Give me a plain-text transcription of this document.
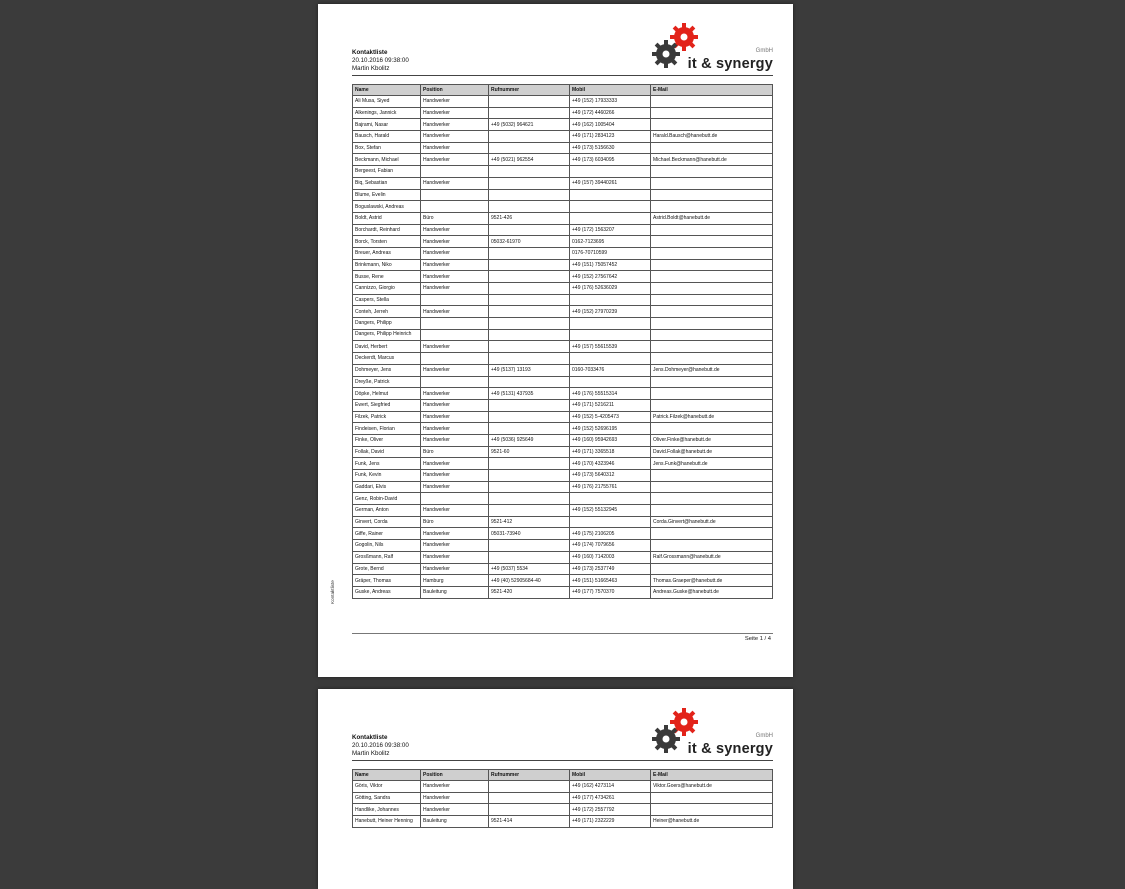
Kontaktliste
20.10.2016 09:38:00
Martin Kbolitz
GmbH
it & synergy
Name	Position	Rufnummer	Mobil	E-Mail
Ali Musa, Siyed	Handwerker		+49 (152) 17933333	
Alkenings, Jannick	Handwerker		+49 (172) 4460266	
Bajrami, Nasar	Handwerker	+49 (5032) 964621	+49 (162) 1005404	
Bausch, Harald	Handwerker		+49 (171) 2834123	Harald.Bausch@hanebutt.de
Box, Stefan	Handwerker		+49 (173) 5156630	
Beckmann, Michael	Handwerker	+49 (5021) 962554	+49 (173) 6034095	Michael.Beckmann@hanebutt.de
Bergeest, Fabian				
Biq, Sebastian	Handwerker		+49 (157) 39440261	
Blume, Evelin				
Boguslawski, Andreas				
Boldt, Astrid	Büro	9521-426		Astrid.Boldt@hanebutt.de
Borchardt, Reinhard	Handwerker		+49 (172) 1563207	
Borck, Torsten	Handwerker	05032-61970	0162-7123695	
Breuer, Andreas	Handwerker		0176-70710599	
Brinkmann, Niko	Handwerker		+49 (151) 75057452	
Busse, Rene	Handwerker		+49 (152) 27567642	
Cannizzo, Giorgio	Handwerker		+49 (176) 52636029	
Caspers, Stella				
Conteh, Jerreh	Handwerker		+49 (152) 27970239	
Dangers, Philipp				
Dangers, Philipp Heinrich				
David, Herbert	Handwerker		+49 (157) 55615539	
Deckerdt, Marcus				
Dohmeyer, Jens	Handwerker	+49 (5137) 13193	0160-7033476	Jens.Dohmeyer@hanebutt.de
Dreyße, Patrick				
Döpke, Helmut	Handwerker	+49 (5131) 437935	+49 (176) 55515314	
Ewert, Siegfried	Handwerker		+49 (171) 5216211	
Filzek, Patrick	Handwerker		+49 (152) 5-4205473	Patrick.Filzek@hanebutt.de
Findeisen, Florian	Handwerker		+49 (152) 52696195	
Finke, Oliver	Handwerker	+49 (5036) 925649	+49 (160) 95942693	Oliver.Finke@hanebutt.de
Follak, David	Büro	9521-60	+49 (171) 3365518	David.Follak@hanebutt.de
Funk, Jens	Handwerker		+49 (170) 4323946	Jens.Funk@hanebutt.de
Funk, Kevin	Handwerker		+49 (173) 5640312	
Gaddari, Elvis	Handwerker		+49 (176) 21755761	
Genz, Robin-David				
German, Anton	Handwerker		+49 (152) 55132945	
Ginvert, Corda	Büro	9521-412		Corda.Ginvert@hanebutt.de
Giffe, Rainer	Handwerker	05031-73940	+49 (175) 2106205	
Gogolin, Nils	Handwerker		+49 (174) 7079656	
Grosßmann, Ralf	Handwerker		+49 (160) 7142003	Ralf.Grossmann@hanebutt.de
Grote, Bernd	Handwerker	+49 (5037) 5534	+49 (173) 2537749	
Gräper, Thomas	Hamburg	+49 (40) 52905684-40	+49 (151) 51665463	Thomas.Graeper@hanebutt.de
Guske, Andreas	Bauleitung	9521-420	+49 (177) 7570370	Andreas.Guske@hanebutt.de
Kontaktliste
Seite 1 / 4
Kontaktliste
20.10.2016 09:38:00
Martin Kbolitz
GmbH
it & synergy
Name	Position	Rufnummer	Mobil	E-Mail
Göris, Viktor	Handwerker		+49 (162) 4273114	Viktor.Goers@hanebutt.de
Götting, Sandra	Handwerker		+49 (177) 4734261	
Handlike, Johannes	Handwerker		+49 (172) 2557792	
Hanebutt, Heiner Henning	Bauleitung	9521-414	+49 (171) 2322229	Heiner@hanebutt.de
